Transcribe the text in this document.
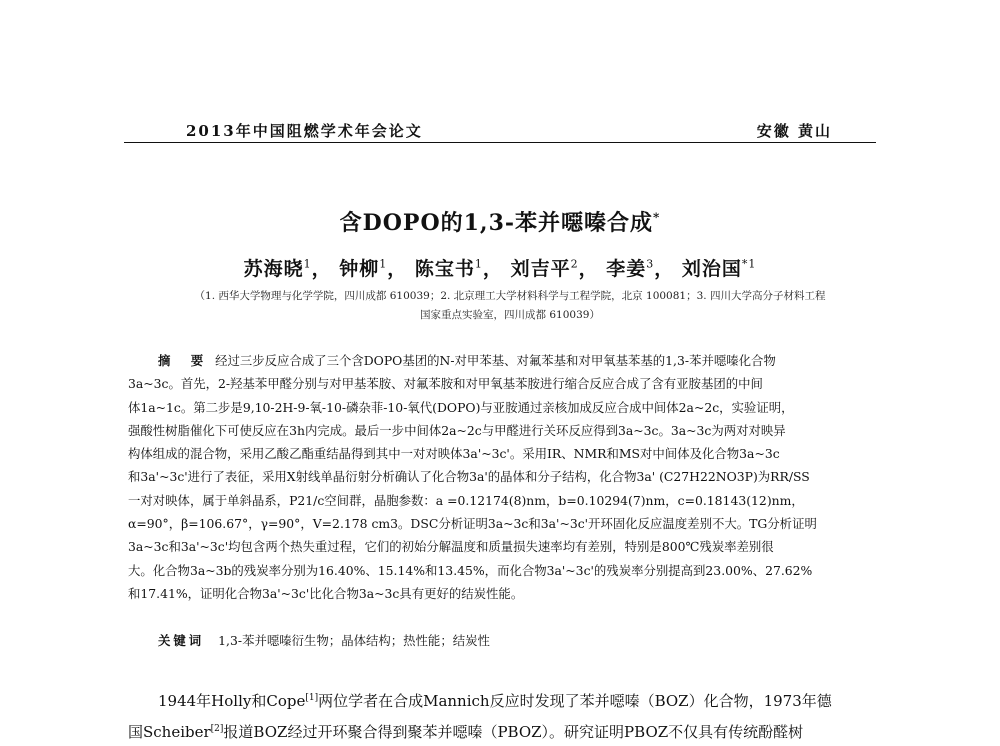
2013年中国阻燃学术年会论文	安徽 黄山
含DOPO的1,3-苯并噁嗪合成*
苏海晓$^1$， 钟柳$^1$， 陈宝书$^1$， 刘吉平$^2$， 李姜$^3$， 刘治国$^{*1}$
（1. 西华大学物理与化学学院，四川成都 610039；2. 北京理工大学材料科学与工程学院，北京 100081；3. 四川大学高分子材料工程
国家重点实验室，四川成都 610039）
摘 要 经过三步反应合成了三个含DOPO基团的N-对甲苯基、对氟苯基和对甲氧基苯基的1,3-苯并噁嗪化合物
3a~3c。首先，2-羟基苯甲醛分别与对甲基苯胺、对氟苯胺和对甲氧基苯胺进行缩合反应合成了含有亚胺基团的中间
体1a~1c。第二步是9,10-2H-9-氧-10-磷杂菲-10-氧代(DOPO)与亚胺通过亲核加成反应合成中间体2a~2c，实验证明，
强酸性树脂催化下可使反应在3h内完成。最后一步中间体2a~2c与甲醛进行关环反应得到3a~3c。3a~3c为两对对映异
构体组成的混合物，采用乙酸乙酯重结晶得到其中一对对映体3a'~3c'。采用IR、NMR和MS对中间体及化合物3a~3c
和3a'~3c'进行了表征，采用X射线单晶衍射分析确认了化合物3a'的晶体和分子结构，化合物3a' (C27H22NO3P)为RR/SS
一对对映体，属于单斜晶系，P21/c空间群，晶胞参数：a =0.12174(8)nm，b=0.10294(7)nm，c=0.18143(12)nm，
α=90°，β=106.67°，γ=90°，V=2.178 cm3。DSC分析证明3a~3c和3a'~3c'开环固化反应温度差别不大。TG分析证明
3a~3c和3a'~3c'均包含两个热失重过程，它们的初始分解温度和质量损失速率均有差别，特别是800℃残炭率差别很
大。化合物3a~3b的残炭率分别为16.40%、15.14%和13.45%，而化合物3a'~3c'的残炭率分别提高到23.00%、27.62%
和17.41%，证明化合物3a'~3c'比化合物3a~3c具有更好的结炭性能。
关键词 1,3-苯并噁嗪衍生物；晶体结构；热性能；结炭性
1944年Holly和Cope[1]两位学者在合成Mannich反应时发现了苯并噁嗪（BOZ）化合物，1973年德
国Scheiber[2]报道BOZ经过开环聚合得到聚苯并噁嗪（PBOZ）。研究证明PBOZ不仅具有传统酚醛树
